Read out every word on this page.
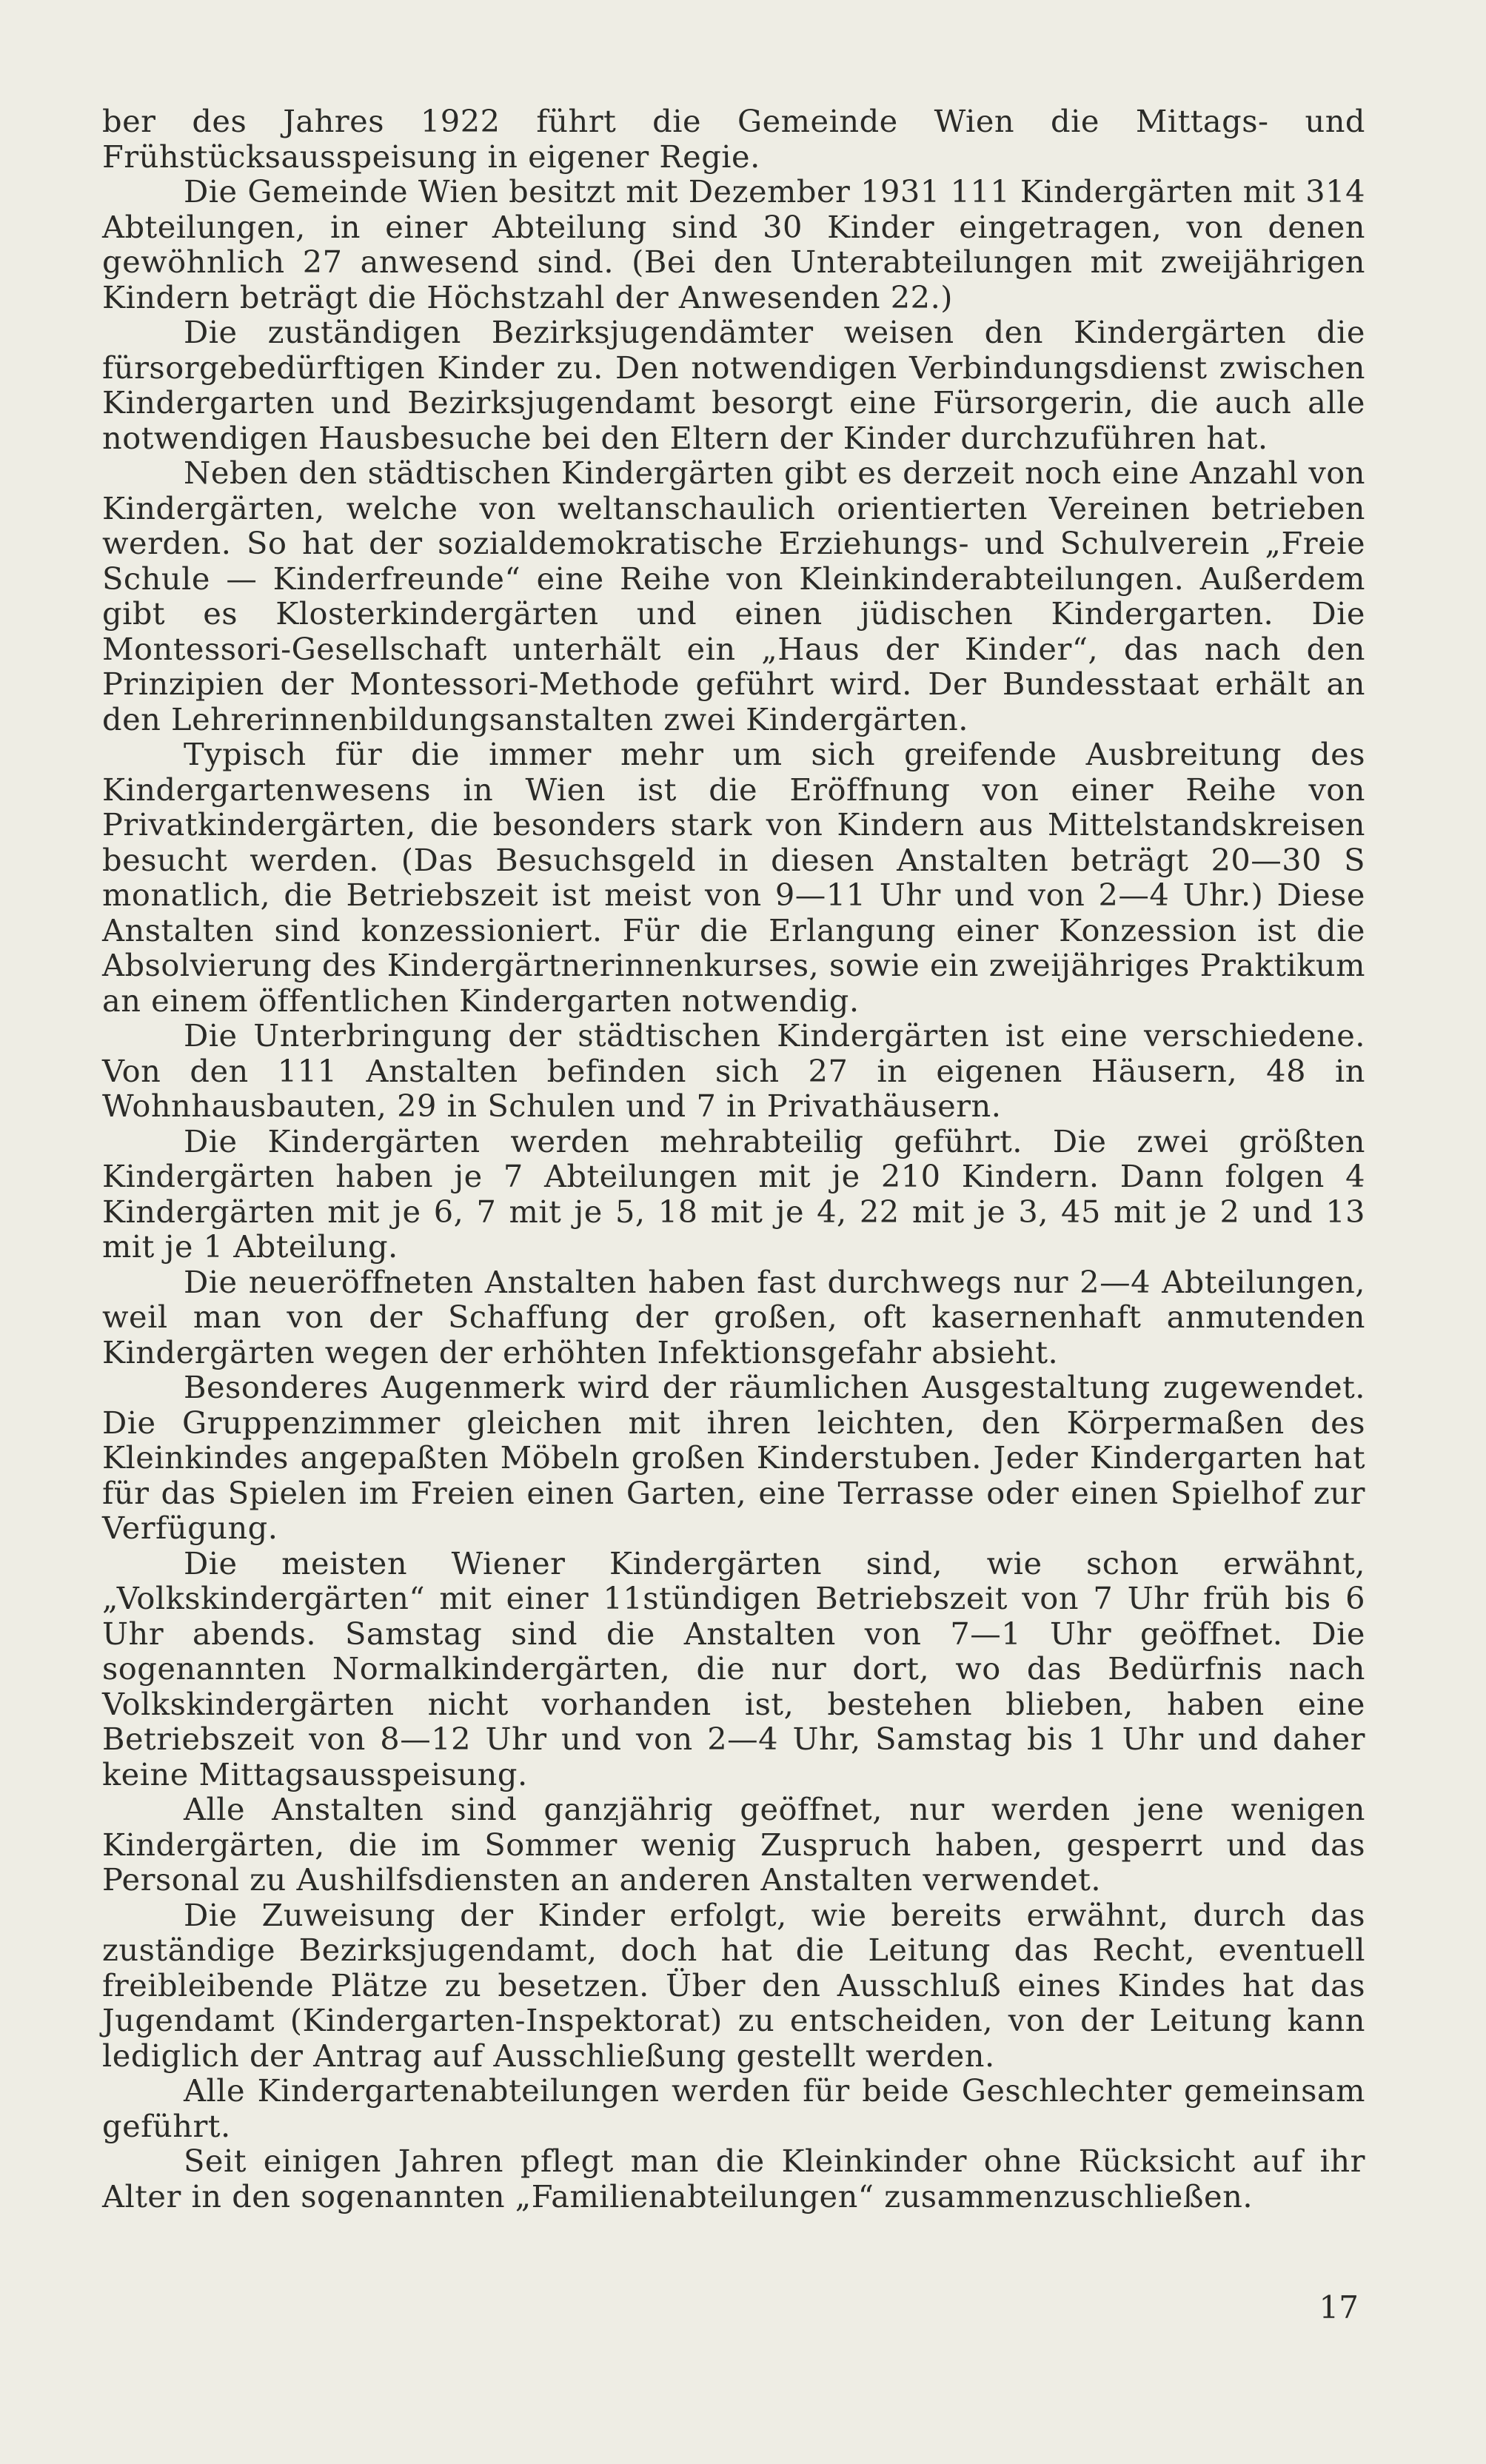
ber des Jahres 1922 führt die Gemeinde Wien die Mittags- und Frühstücksausspeisung in eigener Regie.

Die Gemeinde Wien besitzt mit Dezember 1931 111 Kindergärten mit 314 Abteilungen, in einer Abteilung sind 30 Kinder eingetragen, von denen gewöhnlich 27 anwesend sind. (Bei den Unterabteilungen mit zweijährigen Kindern beträgt die Höchstzahl der Anwesenden 22.)

Die zuständigen Bezirksjugendämter weisen den Kindergärten die fürsorgebedürftigen Kinder zu. Den notwendigen Verbindungsdienst zwischen Kindergarten und Bezirksjugendamt besorgt eine Fürsorgerin, die auch alle notwendigen Hausbesuche bei den Eltern der Kinder durchzuführen hat.

Neben den städtischen Kindergärten gibt es derzeit noch eine Anzahl von Kindergärten, welche von weltanschaulich orientierten Vereinen betrieben werden. So hat der sozialdemokratische Erziehungs- und Schulverein „Freie Schule — Kinderfreunde“ eine Reihe von Kleinkinderabteilungen. Außerdem gibt es Klosterkindergärten und einen jüdischen Kindergarten. Die Montessori-Gesellschaft unterhält ein „Haus der Kinder“, das nach den Prinzipien der Montessori-Methode geführt wird. Der Bundesstaat erhält an den Lehrerinnenbildungsanstalten zwei Kindergärten.

Typisch für die immer mehr um sich greifende Ausbreitung des Kindergartenwesens in Wien ist die Eröffnung von einer Reihe von Privatkindergärten, die besonders stark von Kindern aus Mittelstandskreisen besucht werden. (Das Besuchsgeld in diesen Anstalten beträgt 20—30 S monatlich, die Betriebszeit ist meist von 9—11 Uhr und von 2—4 Uhr.) Diese Anstalten sind konzessioniert. Für die Erlangung einer Konzession ist die Absolvierung des Kindergärtnerinnenkurses, sowie ein zweijähriges Praktikum an einem öffentlichen Kindergarten notwendig.

Die Unterbringung der städtischen Kindergärten ist eine verschiedene. Von den 111 Anstalten befinden sich 27 in eigenen Häusern, 48 in Wohnhausbauten, 29 in Schulen und 7 in Privathäusern.

Die Kindergärten werden mehrabteilig geführt. Die zwei größten Kindergärten haben je 7 Abteilungen mit je 210 Kindern. Dann folgen 4 Kindergärten mit je 6, 7 mit je 5, 18 mit je 4, 22 mit je 3, 45 mit je 2 und 13 mit je 1 Abteilung.

Die neueröffneten Anstalten haben fast durchwegs nur 2—4 Abteilungen, weil man von der Schaffung der großen, oft kasernenhaft anmutenden Kindergärten wegen der erhöhten Infektionsgefahr absieht.

Besonderes Augenmerk wird der räumlichen Ausgestaltung zugewendet. Die Gruppenzimmer gleichen mit ihren leichten, den Körpermaßen des Kleinkindes angepaßten Möbeln großen Kinderstuben. Jeder Kindergarten hat für das Spielen im Freien einen Garten, eine Terrasse oder einen Spielhof zur Verfügung.

Die meisten Wiener Kindergärten sind, wie schon erwähnt, „Volkskindergärten“ mit einer 11stündigen Betriebszeit von 7 Uhr früh bis 6 Uhr abends. Samstag sind die Anstalten von 7—1 Uhr geöffnet. Die sogenannten Normalkindergärten, die nur dort, wo das Bedürfnis nach Volkskindergärten nicht vorhanden ist, bestehen blieben, haben eine Betriebszeit von 8—12 Uhr und von 2—4 Uhr, Samstag bis 1 Uhr und daher keine Mittagsausspeisung.

Alle Anstalten sind ganzjährig geöffnet, nur werden jene wenigen Kindergärten, die im Sommer wenig Zuspruch haben, gesperrt und das Personal zu Aushilfsdiensten an anderen Anstalten verwendet.

Die Zuweisung der Kinder erfolgt, wie bereits erwähnt, durch das zuständige Bezirksjugendamt, doch hat die Leitung das Recht, eventuell freibleibende Plätze zu besetzen. Über den Ausschluß eines Kindes hat das Jugendamt (Kindergarten-Inspektorat) zu entscheiden, von der Leitung kann lediglich der Antrag auf Ausschließung gestellt werden.

Alle Kindergartenabteilungen werden für beide Geschlechter gemeinsam geführt.

Seit einigen Jahren pflegt man die Kleinkinder ohne Rücksicht auf ihr Alter in den sogenannten „Familienabteilungen“ zusammenzuschließen.

17
